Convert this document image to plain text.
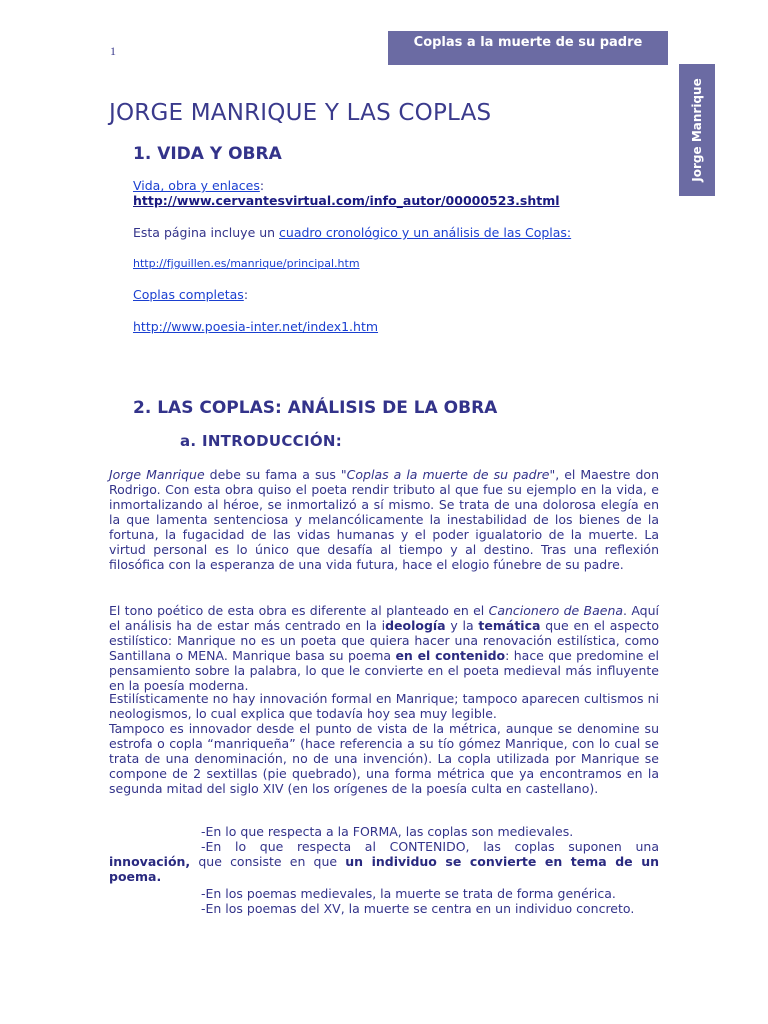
1
Coplas a la muerte de su padre
Jorge Manrique
JORGE MANRIQUE Y LAS COPLAS
1. VIDA Y OBRA
Vida, obra y enlaces:
http://www.cervantesvirtual.com/info_autor/00000523.shtml
Esta página incluye un cuadro cronológico y un análisis de las Coplas:
http://fjguillen.es/manrique/principal.htm
Coplas completas:
http://www.poesia-inter.net/index1.htm
2. LAS COPLAS: ANÁLISIS DE LA OBRA
a. INTRODUCCIÓN:

Jorge Manrique debe su fama a sus "Coplas a la muerte de su padre", el Maestre don Rodrigo. Con esta obra quiso el poeta rendir tributo al que fue su ejemplo en la vida, e inmortalizando al héroe, se inmortalizó a sí mismo. Se trata de una dolorosa elegía en la que lamenta sentenciosa y melancólicamente la inestabilidad de los bienes de la fortuna, la fugacidad de las vidas humanas y el poder igualatorio de la muerte. La virtud personal es lo único que desafía al tiempo y al destino. Tras una reflexión filosófica con la esperanza de una vida futura, hace el elogio fúnebre de su padre.

El tono poético de esta obra es diferente al planteado en el Cancionero de Baena. Aquí el análisis ha de estar más centrado en la ideología y la temática que en el aspecto estilístico: Manrique no es un poeta que quiera hacer una renovación estilística, como Santillana o MENA. Manrique basa su poema en el contenido: hace que predomine el pensamiento sobre la palabra, lo que le convierte en el poeta medieval más influyente en la poesía moderna.

Estilísticamente no hay innovación formal en Manrique; tampoco aparecen cultismos ni neologismos, lo cual explica que todavía hoy sea muy legible.

Tampoco es innovador desde el punto de vista de la métrica, aunque se denomine su estrofa o copla “manriqueña” (hace referencia a su tío gómez Manrique, con lo cual se trata de una denominación, no de una invención). La copla utilizada por Manrique se compone de 2 sextillas (pie quebrado), una forma métrica que ya encontramos en la segunda mitad del siglo XIV (en los orígenes de la poesía culta en castellano).

-En lo que respecta a la FORMA, las coplas son medievales.
-En lo que respecta al CONTENIDO, las coplas suponen una
innovación, que consiste en que un individuo se convierte en tema de un
poema.
-En los poemas medievales, la muerte se trata de forma genérica.
-En los poemas del XV, la muerte se centra en un individuo concreto.
